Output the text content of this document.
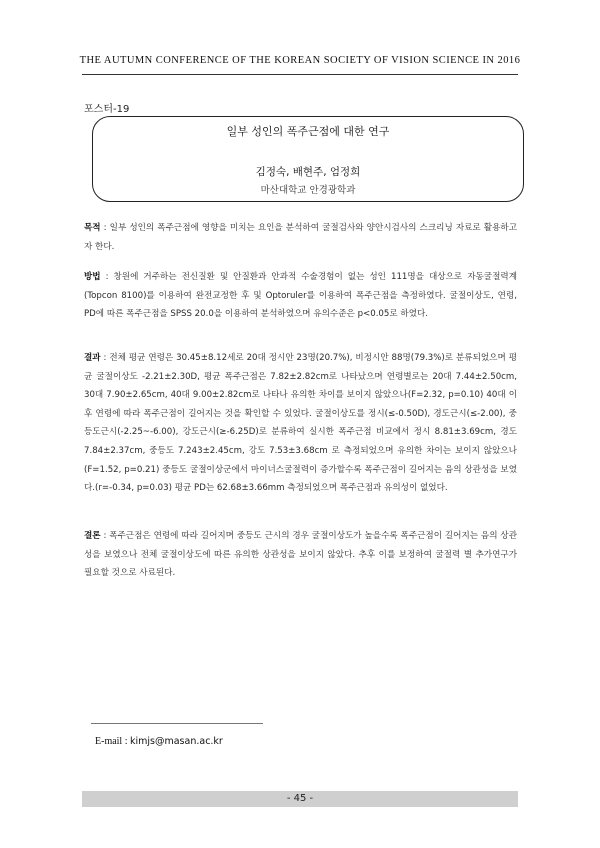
THE AUTUMN CONFERENCE OF THE KOREAN SOCIETY OF VISION SCIENCE IN 2016
포스터-19
일부 성인의 폭주근점에 대한 연구
김정숙, 배현주, 엄정희
마산대학교 안경광학과
목적 : 일부 성인의 폭주근점에 영향을 미치는 요인을 분석하여 굴절검사와 양안시검사의 스크리닝 자료로 활용하고자 한다.
방법 : 창원에 거주하는 전신질환 및 안질환과 안과적 수술경험이 없는 성인 111명을 대상으로 자동굴절력계(Topcon 8100)를 이용하여 완전교정한 후 및 Optoruler를 이용하여 폭주근점을 측정하였다. 굴절이상도, 연령, PD에 따른 폭주근점을 SPSS 20.0을 이용하여 분석하였으며 유의수준은 p<0.05로 하였다.
결과 : 전체 평균 연령은 30.45±8.12세로 20대 정시안 23명(20.7%), 비정시안 88명(79.3%)로 분류되었으며 평균 굴절이상도 -2.21±2.30D, 평균 폭주근점은 7.82±2.82cm로 나타났으며 연령별로는 20대 7.44±2.50cm, 30대 7.90±2.65cm, 40대 9.00±2.82cm로 나타나 유의한 차이를 보이지 않았으나(F=2.32, p=0.10) 40대 이후 연령에 따라 폭주근점이 길어지는 것을 확인할 수 있었다. 굴절이상도를 정시(≤-0.50D), 경도근시(≤-2.00), 중등도근시(-2.25~-6.00), 강도근시(≥-6.25D)로 분류하여 실시한 폭주근점 비교에서 정시 8.81±3.69cm, 경도 7.84±2.37cm, 중등도 7.243±2.45cm, 강도 7.53±3.68cm 로 측정되었으며 유의한 차이는 보이지 않았으나(F=1.52, p=0.21) 중등도 굴절이상군에서 마이너스굴절력이 증가할수록 폭주근점이 길어지는 음의 상관성을 보였다.(r=-0.34, p=0.03) 평균 PD는 62.68±3.66mm 측정되었으며 폭주근점과 유의성이 없었다.
결론 : 폭주근점은 연령에 따라 길어지며 중등도 근시의 경우 굴절이상도가 높을수록 폭주근점이 길어지는 음의 상관성을 보였으나 전체 굴절이상도에 따른 유의한 상관성을 보이지 않았다. 추후 이를 보정하여 굴절력 별 추가연구가 필요할 것으로 사료된다.
E-mail : kimjs@masan.ac.kr
- 45 -
